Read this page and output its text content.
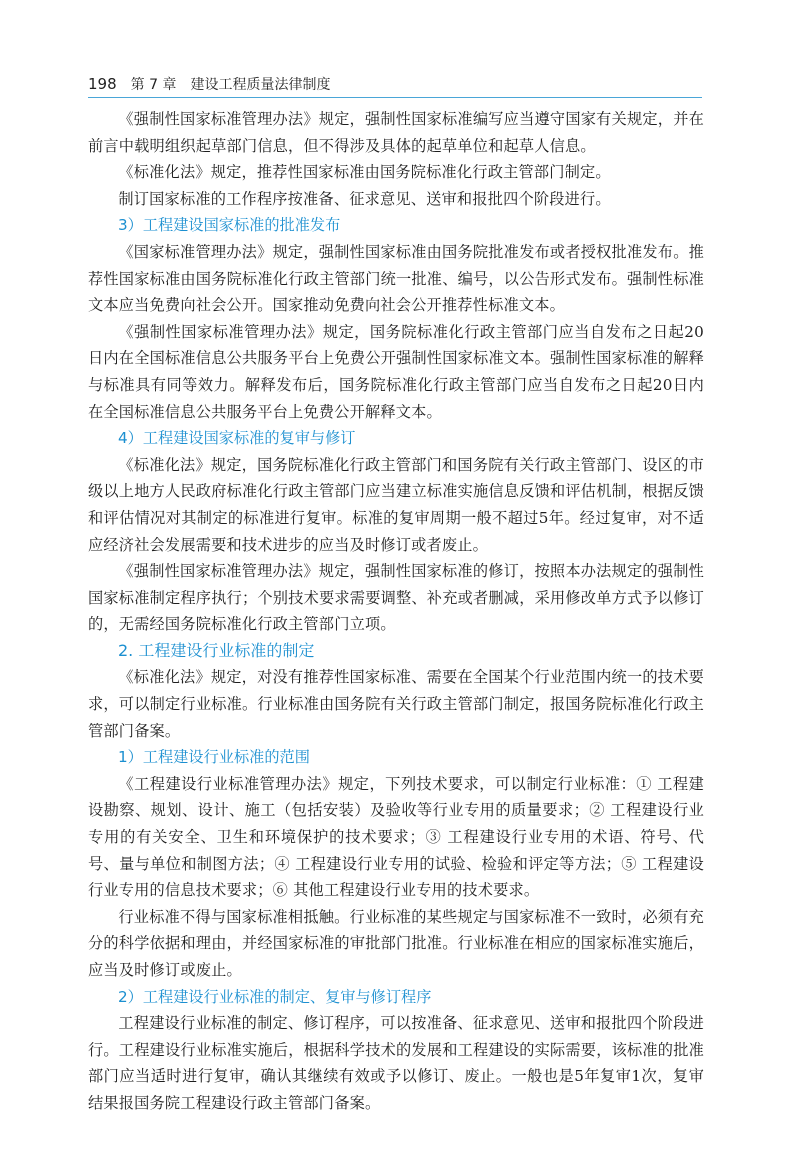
198 第 7 章 建设工程质量法律制度

《强制性国家标准管理办法》规定，强制性国家标准编写应当遵守国家有关规定，并在前言中载明组织起草部门信息，但不得涉及具体的起草单位和起草人信息。

《标准化法》规定，推荐性国家标准由国务院标准化行政主管部门制定。

制订国家标准的工作程序按准备、征求意见、送审和报批四个阶段进行。

3）工程建设国家标准的批准发布

《国家标准管理办法》规定，强制性国家标准由国务院批准发布或者授权批准发布。推荐性国家标准由国务院标准化行政主管部门统一批准、编号，以公告形式发布。强制性标准文本应当免费向社会公开。国家推动免费向社会公开推荐性标准文本。

《强制性国家标准管理办法》规定，国务院标准化行政主管部门应当自发布之日起20日内在全国标准信息公共服务平台上免费公开强制性国家标准文本。强制性国家标准的解释与标准具有同等效力。解释发布后，国务院标准化行政主管部门应当自发布之日起20日内在全国标准信息公共服务平台上免费公开解释文本。

4）工程建设国家标准的复审与修订

《标准化法》规定，国务院标准化行政主管部门和国务院有关行政主管部门、设区的市级以上地方人民政府标准化行政主管部门应当建立标准实施信息反馈和评估机制，根据反馈和评估情况对其制定的标准进行复审。标准的复审周期一般不超过5年。经过复审，对不适应经济社会发展需要和技术进步的应当及时修订或者废止。

《强制性国家标准管理办法》规定，强制性国家标准的修订，按照本办法规定的强制性国家标准制定程序执行；个别技术要求需要调整、补充或者删减，采用修改单方式予以修订的，无需经国务院标准化行政主管部门立项。

2. 工程建设行业标准的制定

《标准化法》规定，对没有推荐性国家标准、需要在全国某个行业范围内统一的技术要求，可以制定行业标准。行业标准由国务院有关行政主管部门制定，报国务院标准化行政主管部门备案。

1）工程建设行业标准的范围

《工程建设行业标准管理办法》规定，下列技术要求，可以制定行业标准：① 工程建设勘察、规划、设计、施工（包括安装）及验收等行业专用的质量要求；② 工程建设行业专用的有关安全、卫生和环境保护的技术要求；③ 工程建设行业专用的术语、符号、代号、量与单位和制图方法；④ 工程建设行业专用的试验、检验和评定等方法；⑤ 工程建设行业专用的信息技术要求；⑥ 其他工程建设行业专用的技术要求。

行业标准不得与国家标准相抵触。行业标准的某些规定与国家标准不一致时，必须有充分的科学依据和理由，并经国家标准的审批部门批准。行业标准在相应的国家标准实施后，应当及时修订或废止。

2）工程建设行业标准的制定、复审与修订程序

工程建设行业标准的制定、修订程序，可以按准备、征求意见、送审和报批四个阶段进行。工程建设行业标准实施后，根据科学技术的发展和工程建设的实际需要，该标准的批准部门应当适时进行复审，确认其继续有效或予以修订、废止。一般也是5年复审1次，复审结果报国务院工程建设行政主管部门备案。
